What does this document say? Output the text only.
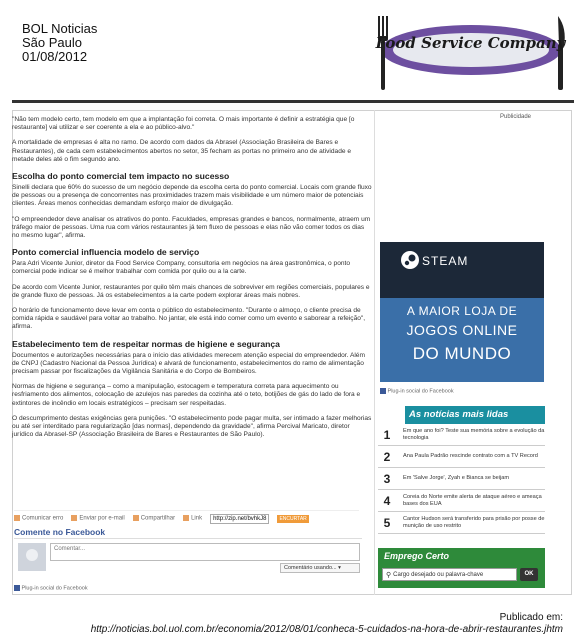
BOL Noticias
São Paulo
01/08/2012
Food Service Company

"Não tem modelo certo, tem modelo em que a implantação foi correta. O mais importante é definir a estratégia que [o restaurante] vai utilizar e ser coerente a ela e ao público-alvo."

A mortalidade de empresas é alta no ramo. De acordo com dados da Abrasel (Associação Brasileira de Bares e Restaurantes), de cada cem estabelecimentos abertos no setor, 35 fecham as portas no primeiro ano de atividade e metade deles até o fim segundo ano.

Escolha do ponto comercial tem impacto no sucesso

Sinelli declara que 60% do sucesso de um negócio depende da escolha certa do ponto comercial. Locais com grande fluxo de pessoas ou a presença de concorrentes nas proximidades trazem mais visibilidade e um número maior de potenciais clientes. Áreas menos conhecidas demandam esforço maior de divulgação.

"O empreendedor deve analisar os atrativos do ponto. Faculdades, empresas grandes e bancos, normalmente, atraem um tráfego maior de pessoas. Uma rua com vários restaurantes já tem fluxo de pessoas e elas não vão comer todos os dias no mesmo lugar", afirma.

Ponto comercial influencia modelo de serviço

Para Adri Vicente Junior, diretor da Food Service Company, consultoria em negócios na área gastronômica, o ponto comercial pode indicar se é melhor trabalhar com comida por quilo ou a la carte.

De acordo com Vicente Junior, restaurantes por quilo têm mais chances de sobreviver em regiões comerciais, populares e de grande fluxo de pessoas. Já os estabelecimentos a la carte podem explorar áreas mais nobres.

O horário de funcionamento deve levar em conta o público do estabelecimento. "Durante o almoço, o cliente precisa de comida rápida e saudável para voltar ao trabalho. No jantar, ele está indo comer como um evento e saborear a refeição", afirma.

Estabelecimento tem de respeitar normas de higiene e segurança

Documentos e autorizações necessárias para o início das atividades merecem atenção especial do empreendedor. Além de CNPJ (Cadastro Nacional da Pessoa Jurídica) e alvará de funcionamento, estabelecimentos do ramo de alimentação precisam passar por fiscalizações da Vigilância Sanitária e do Corpo de Bombeiros.

Normas de higiene e segurança – como a manipulação, estocagem e temperatura correta para aquecimento ou resfriamento dos alimentos, colocação de azulejos nas paredes da cozinha até o teto, botijões de gás do lado de fora e extintores de incêndio em locais estratégicos – precisam ser respeitadas.

O descumprimento destas exigências gera punições. "O estabelecimento pode pagar multa, ser intimado a fazer melhorias ou até ser interditado para regularização [das normas], dependendo da gravidade", afirma Percival Maricato, diretor jurídico da Abrasel-SP (Associação Brasileira de Bares e Restaurantes de São Paulo).

Comunicar erro	Enviar por e-mail	Compartilhar	Link	http://zip.net/bvhkJ8	ENCURTAR
Comente no Facebook
Comentar...
Comentário usando... ▾
Plug-in social do Facebook
Publicidade
STEAM
A MAIOR LOJA DE
JOGOS ONLINE
DO MUNDO
Plug-in social do Facebook
As notícias mais lidas
1	Em que ano foi? Teste sua memória sobre a evolução da tecnologia
2	Ana Paula Padrão rescinde contrato com a TV Record
3	Em 'Salve Jorge', Zyah e Bianca se beijam
4	Coreia do Norte emite alerta de ataque aéreo e ameaça bases dos EUA
5	Cantor Hudson será transferido para prisão por posse de munição de uso restrito
Emprego Certo
⚲ Cargo desejado ou palavra-chave	OK
Publicado em:
http://noticias.bol.uol.com.br/economia/2012/08/01/conheca-5-cuidados-na-hora-de-abrir-restaurantes.jhtm
